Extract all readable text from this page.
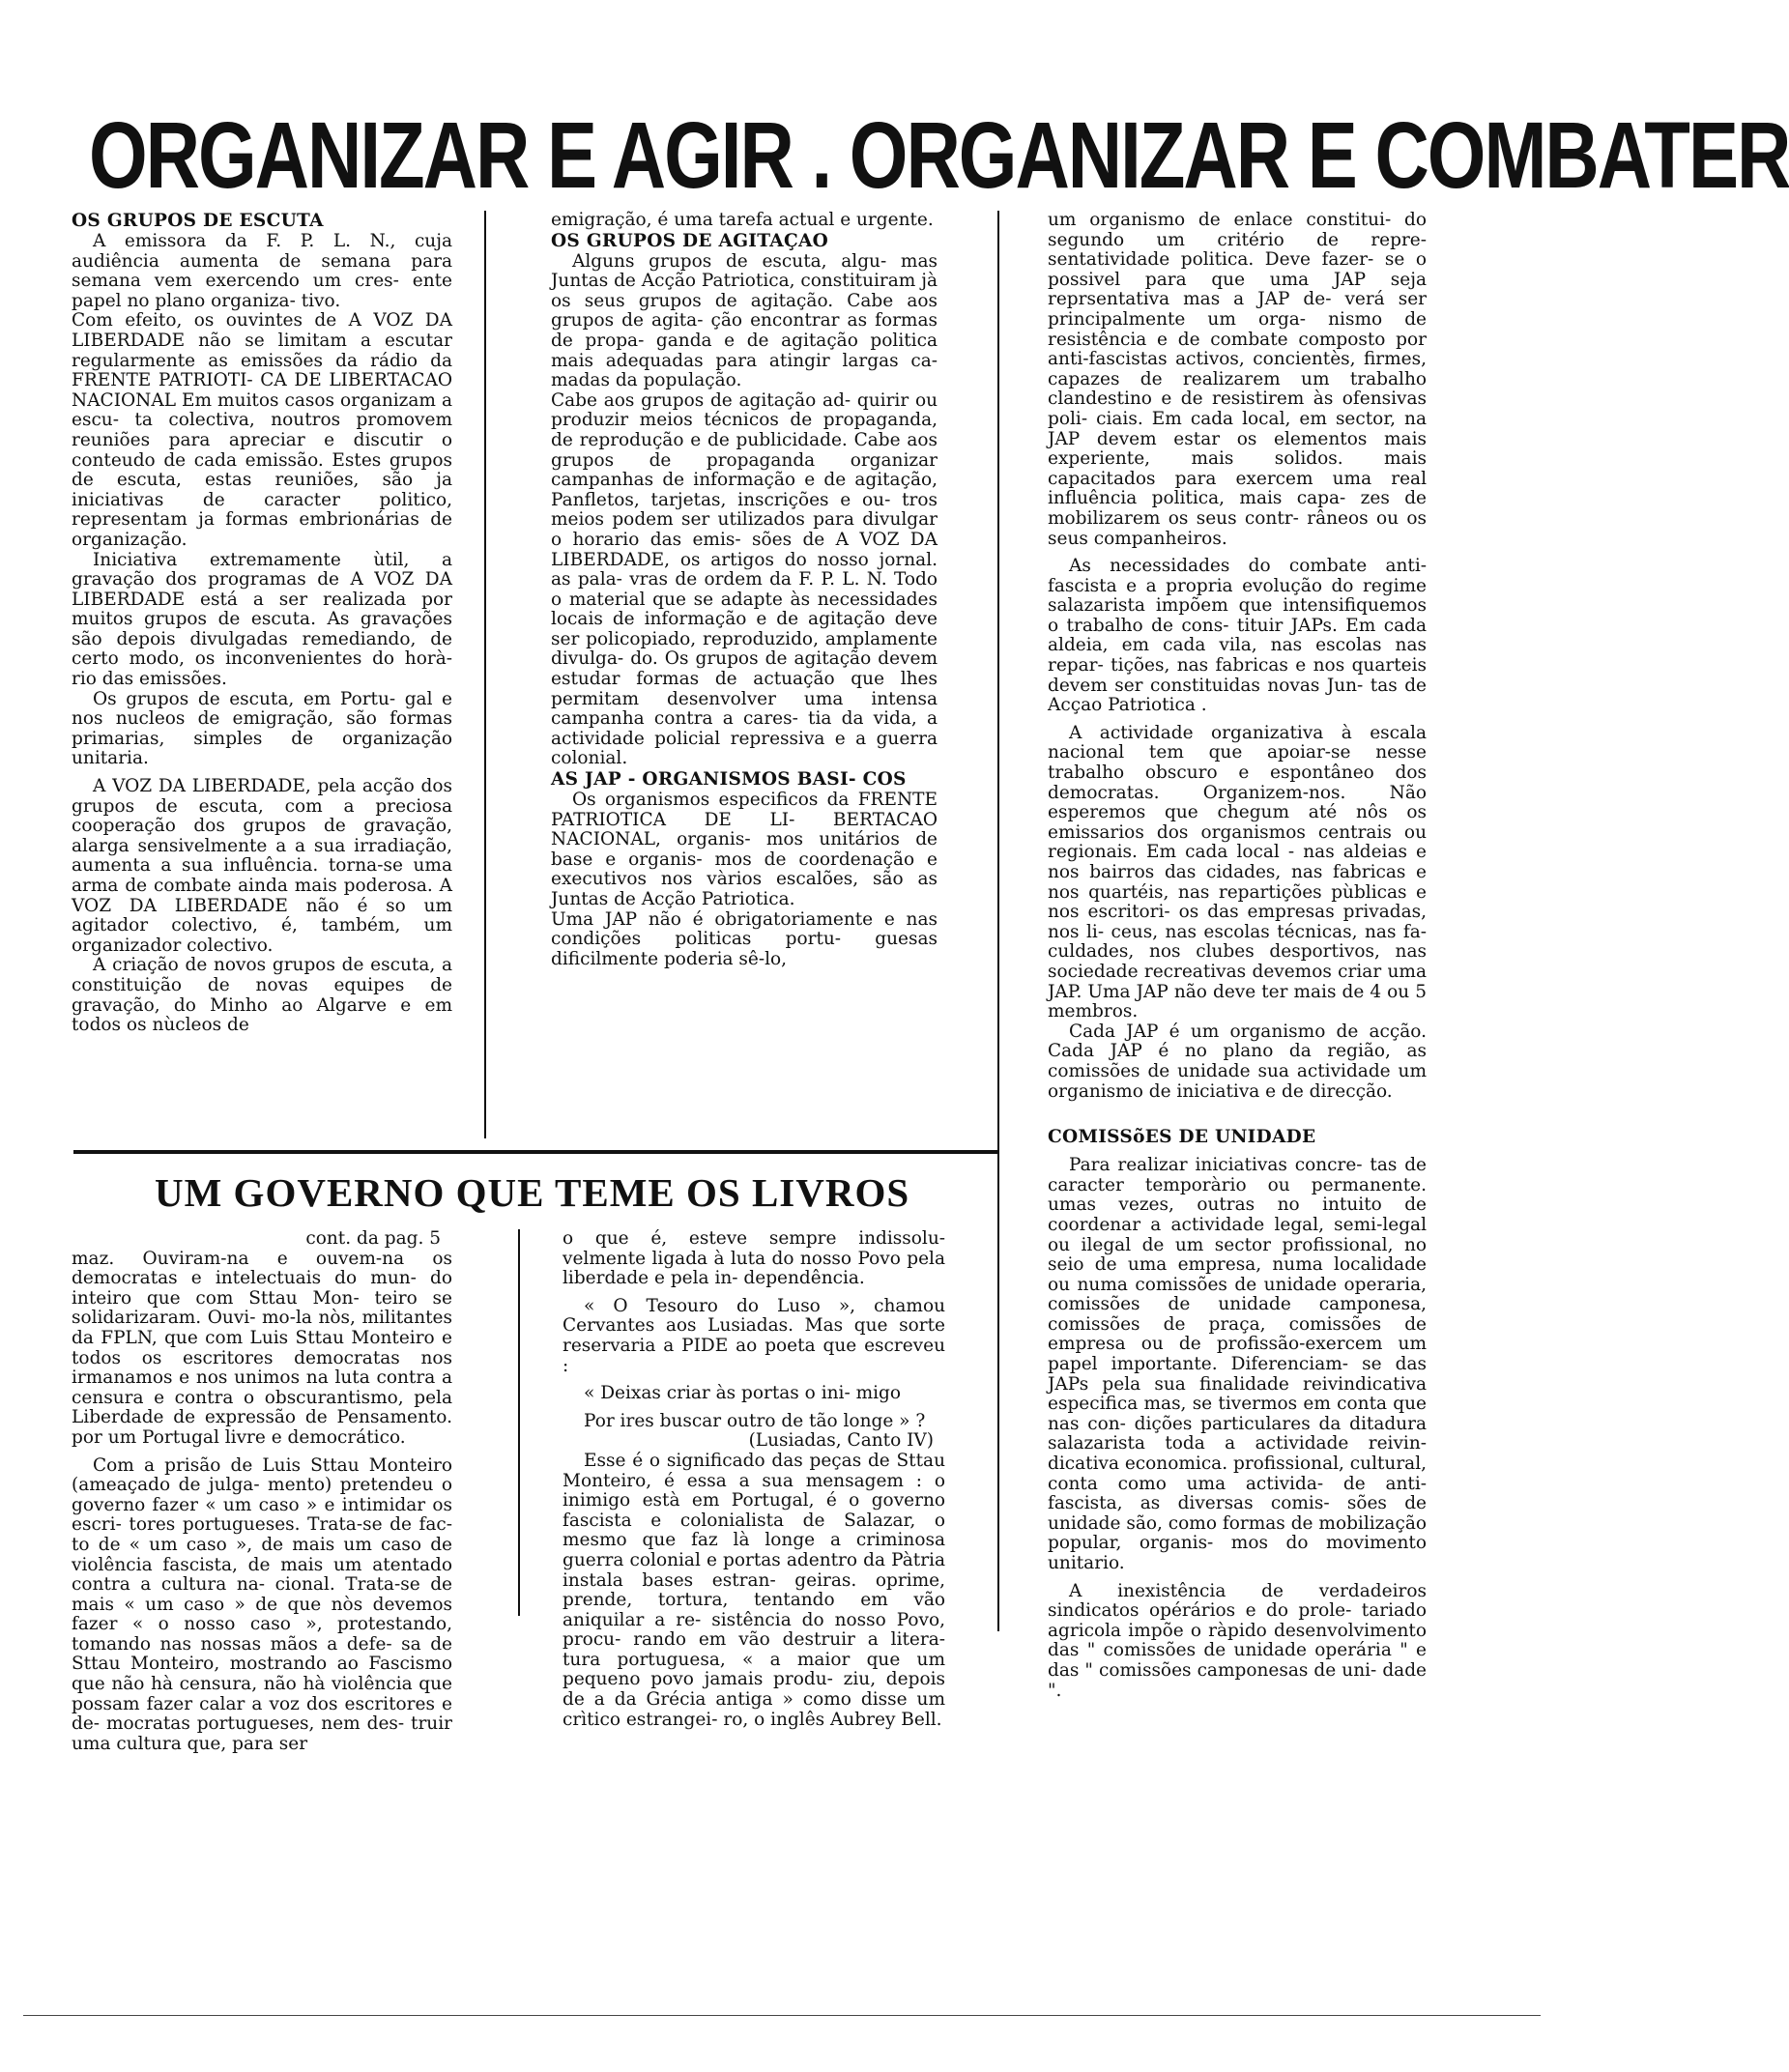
ORGANIZAR E AGIR . ORGANIZAR E COMBATER
OS GRUPOS DE ESCUTA

A emissora da F. P. L. N., cuja audiência aumenta de semana para semana vem exercendo um cres- ente papel no plano organiza- tivo.

Com efeito, os ouvintes de A VOZ DA LIBERDADE não se limitam a escutar regularmente as emissões da rádio da FRENTE PATRIOTI- CA DE LIBERTACAO NACIONAL Em muitos casos organizam a escu- ta colectiva, noutros promovem reuniões para apreciar e discutir o conteudo de cada emissão. Estes grupos de escuta, estas reuniões, são ja iniciativas de caracter politico, representam ja formas embrionárias de organização.

Iniciativa extremamente ùtil, a gravação dos programas de A VOZ DA LIBERDADE está a ser realizada por muitos grupos de escuta. As gravações são depois divulgadas remediando, de certo modo, os inconvenientes do horà- rio das emissões.

Os grupos de escuta, em Portu- gal e nos nucleos de emigração, são formas primarias, simples de organização unitaria.

A VOZ DA LIBERDADE, pela acção dos grupos de escuta, com a preciosa cooperação dos grupos de gravação, alarga sensivelmente a a sua irradiação, aumenta a sua influência. torna-se uma arma de combate ainda mais poderosa. A VOZ DA LIBERDADE não é so um agitador colectivo, é, também, um organizador colectivo.

A criação de novos grupos de escuta, a constituição de novas equipes de gravação, do Minho ao Algarve e em todos os nùcleos de

emigração, é uma tarefa actual e urgente.

OS GRUPOS DE AGITAÇAO

Alguns grupos de escuta, algu- mas Juntas de Acção Patriotica, constituiram jà os seus grupos de agitação. Cabe aos grupos de agita- ção encontrar as formas de propa- ganda e de agitação politica mais adequadas para atingir largas ca- madas da população.

Cabe aos grupos de agitação ad- quirir ou produzir meios técnicos de propaganda, de reprodução e de publicidade. Cabe aos grupos de propaganda organizar campanhas de informação e de agitação, Panfletos, tarjetas, inscrições e ou- tros meios podem ser utilizados para divulgar o horario das emis- sões de A VOZ DA LIBERDADE, os artigos do nosso jornal. as pala- vras de ordem da F. P. L. N. Todo o material que se adapte às necessidades locais de informação e de agitação deve ser policopiado, reproduzido, amplamente divulga- do. Os grupos de agitação devem estudar formas de actuação que lhes permitam desenvolver uma intensa campanha contra a cares- tia da vida, a actividade policial repressiva e a guerra colonial.

AS JAP - ORGANISMOS BASI- COS

Os organismos especificos da FRENTE PATRIOTICA DE LI- BERTACAO NACIONAL, organis- mos unitários de base e organis- mos de coordenação e executivos nos vàrios escalões, são as Juntas de Acção Patriotica.

Uma JAP não é obrigatoriamente e nas condições politicas portu- guesas dificilmente poderia sê-lo,

um organismo de enlace constitui- do segundo um critério de repre- sentatividade politica. Deve fazer- se o possivel para que uma JAP seja reprsentativa mas a JAP de- verá ser principalmente um orga- nismo de resistência e de combate composto por anti-fascistas activos, concientès, firmes, capazes de realizarem um trabalho clandestino e de resistirem às ofensivas poli- ciais. Em cada local, em sector, na JAP devem estar os elementos mais experiente, mais solidos. mais capacitados para exercem uma real influência politica, mais capa- zes de mobilizarem os seus contr- râneos ou os seus companheiros.

As necessidades do combate anti- fascista e a propria evolução do regime salazarista impõem que intensifiquemos o trabalho de cons- tituir JAPs. Em cada aldeia, em cada vila, nas escolas nas repar- tições, nas fabricas e nos quarteis devem ser constituidas novas Jun- tas de Acçao Patriotica .

A actividade organizativa à escala nacional tem que apoiar-se nesse trabalho obscuro e espontâneo dos democratas. Organizem-nos. Não esperemos que chegum até nôs os emissarios dos organismos centrais ou regionais. Em cada local - nas aldeias e nos bairros das cidades, nas fabricas e nos quartéis, nas repartições pùblicas e nos escritori- os das empresas privadas, nos li- ceus, nas escolas técnicas, nas fa- culdades, nos clubes desportivos, nas sociedade recreativas devemos criar uma JAP. Uma JAP não deve ter mais de 4 ou 5 membros.

Cada JAP é um organismo de acção. Cada JAP é no plano da região, as comissões de unidade sua actividade um organismo de iniciativa e de direcção.

COMISSõES DE UNIDADE

Para realizar iniciativas concre- tas de caracter temporàrio ou permanente. umas vezes, outras no intuito de coordenar a actividade legal, semi-legal ou ilegal de um sector profissional, no seio de uma empresa, numa localidade ou numa comissões de unidade operaria, comissões de unidade camponesa, comissões de praça, comissões de empresa ou de profissão-exercem um papel importante. Diferenciam- se das JAPs pela sua finalidade reivindicativa especifica mas, se tivermos em conta que nas con- dições particulares da ditadura salazarista toda a actividade reivin- dicativa economica. profissional, cultural, conta como uma activida- de anti-fascista, as diversas comis- sões de unidade são, como formas de mobilização popular, organis- mos do movimento unitario.

A inexistência de verdadeiros sindicatos opérários e do prole- tariado agricola impõe o ràpido desenvolvimento das " comissões de unidade operária " e das " comissões camponesas de uni- dade ".

UM GOVERNO QUE TEME OS LIVROS

cont. da pag. 5

maz. Ouviram-na e ouvem-na os democratas e intelectuais do mun- do inteiro que com Sttau Mon- teiro se solidarizaram. Ouvi- mo-la nòs, militantes da FPLN, que com Luis Sttau Monteiro e todos os escritores democratas nos irmanamos e nos unimos na luta contra a censura e contra o obscurantismo, pela Liberdade de expressão de Pensamento. por um Portugal livre e democrático.

Com a prisão de Luis Sttau Monteiro (ameaçado de julga- mento) pretendeu o governo fazer « um caso » e intimidar os escri- tores portugueses. Trata-se de fac- to de « um caso », de mais um caso de violência fascista, de mais um atentado contra a cultura na- cional. Trata-se de mais « um caso » de que nòs devemos fazer « o nosso caso », protestando, tomando nas nossas mãos a defe- sa de Sttau Monteiro, mostrando ao Fascismo que não hà censura, não hà violência que possam fazer calar a voz dos escritores e de- mocratas portugueses, nem des- truir uma cultura que, para ser

o que é, esteve sempre indissolu- velmente ligada à luta do nosso Povo pela liberdade e pela in- dependência.

« O Tesouro do Luso », chamou Cervantes aos Lusiadas. Mas que sorte reservaria a PIDE ao poeta que escreveu :

« Deixas criar às portas o ini- migo

Por ires buscar outro de tão longe » ?

(Lusiadas, Canto IV)

Esse é o significado das peças de Sttau Monteiro, é essa a sua mensagem : o inimigo està em Portugal, é o governo fascista e colonialista de Salazar, o mesmo que faz là longe a criminosa guerra colonial e portas adentro da Pàtria instala bases estran- geiras. oprime, prende, tortura, tentando em vão aniquilar a re- sistência do nosso Povo, procu- rando em vão destruir a litera- tura portuguesa, « a maior que um pequeno povo jamais produ- ziu, depois de a da Grécia antiga » como disse um crìtico estrangei- ro, o inglês Aubrey Bell.
